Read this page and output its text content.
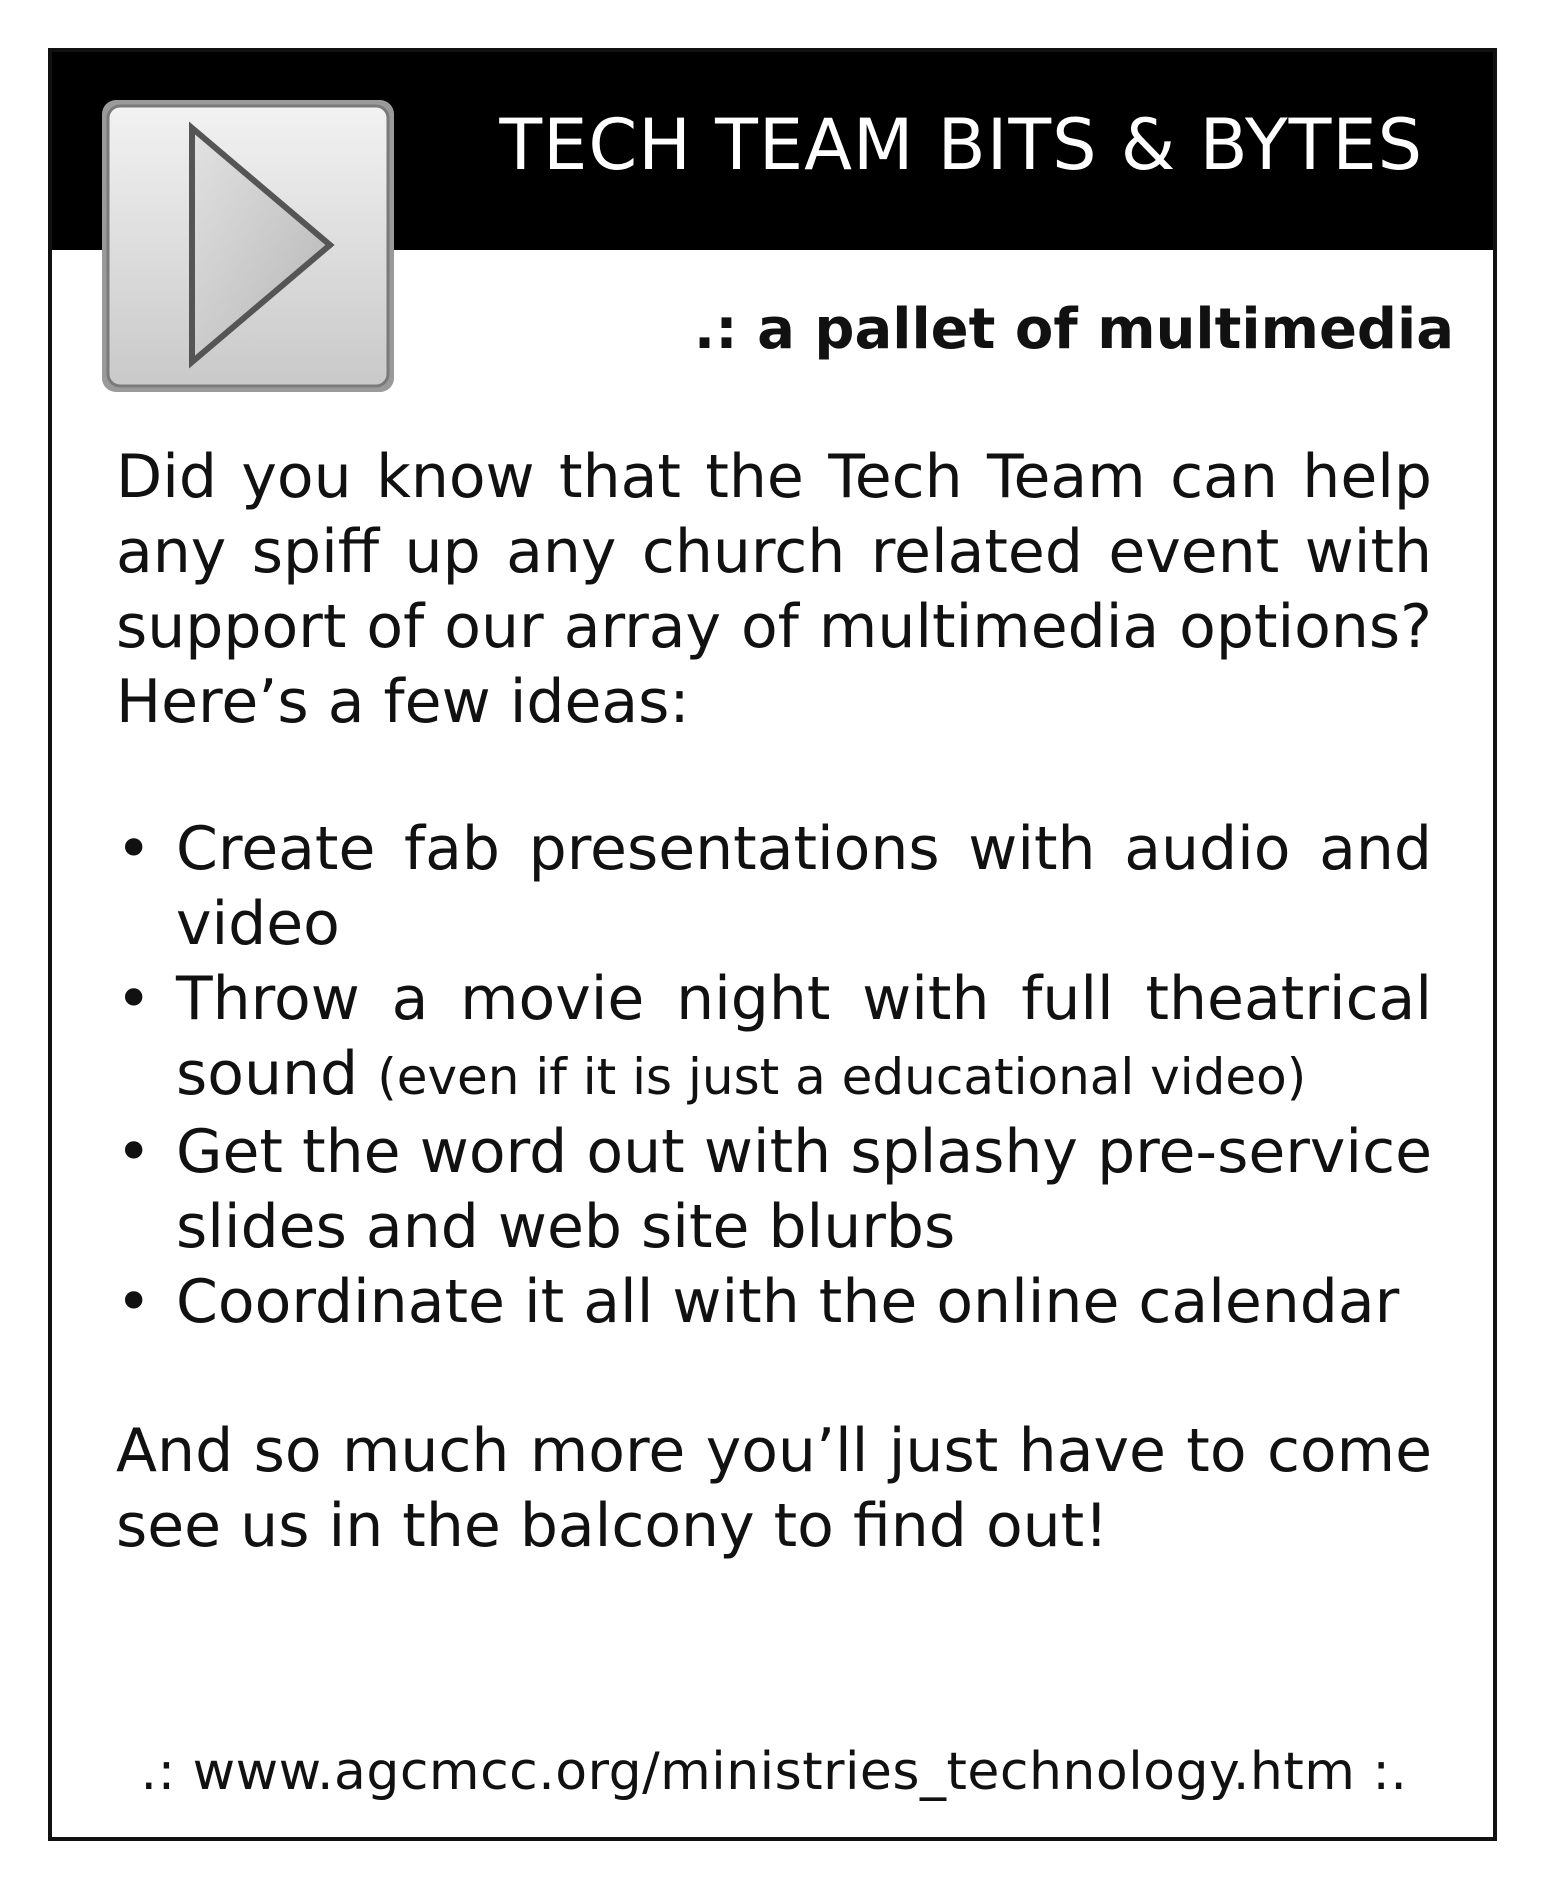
TECH TEAM BITS & BYTES
.: a pallet of multimedia

Did you know that the Tech Team can help any spiff up any church related event with support of our array of multimedia options? Here’s a few ideas:

• Create fab presentations with audio and video
• Throw a movie night with full theatrical sound (even if it is just a educational video)
• Get the word out with splashy pre-service slides and web site blurbs
• Coordinate it all with the online calendar

And so much more you’ll just have to come see us in the balcony to find out!

.: www.agcmcc.org/ministries_technology.htm :.
